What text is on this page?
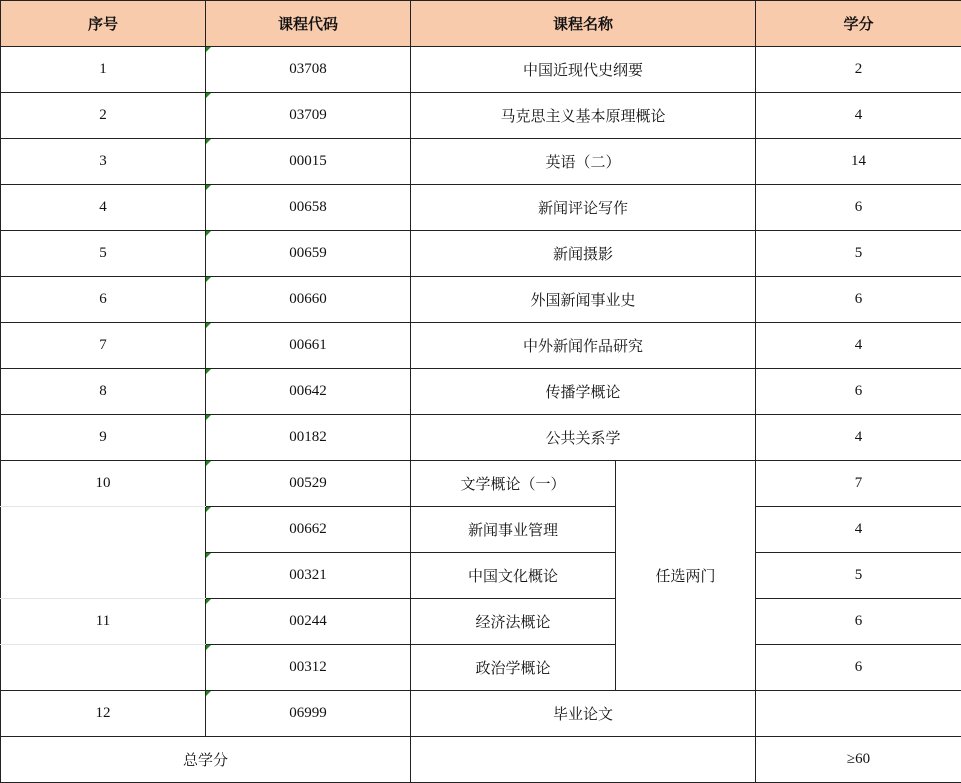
序号	课程代码	课程名称		学分
1	03708	中国近现代史纲要		2
2	03709	马克思主义基本原理概论		4
3	00015	英语（二）		14
4	00658	新闻评论写作		6
5	00659	新闻摄影		5
6	00660	外国新闻事业史		6
7	00661	中外新闻作品研究		4
8	00642	传播学概论		6
9	00182	公共关系学		4
10	00529	文学概论（一）	任选两门	7
	00662	新闻事业管理		4
	00321	中国文化概论		5
11	00244	经济法概论		6
	00312	政治学概论		6
12	06999	毕业论文		
总学分				≥60
